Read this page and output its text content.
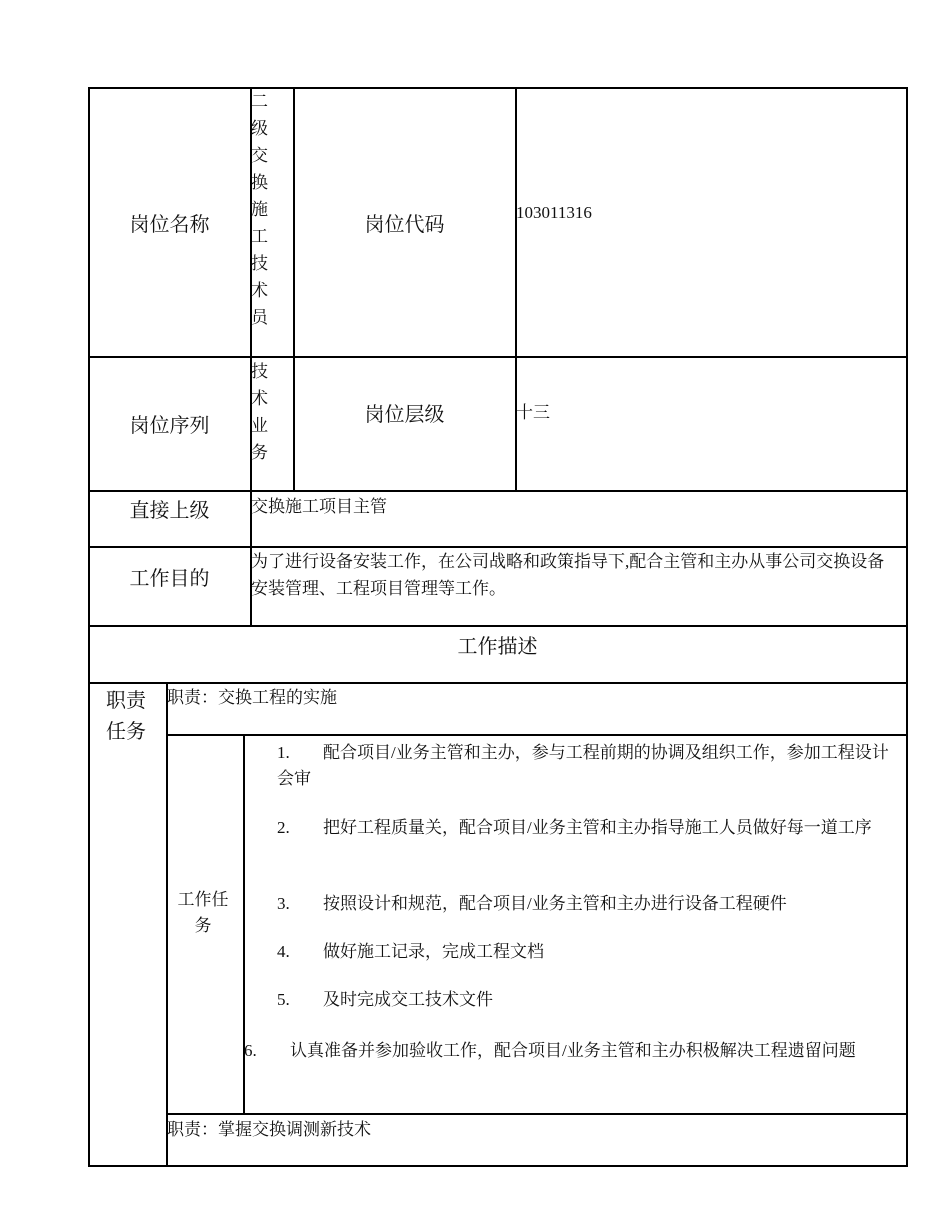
岗位名称
二级交换施工技术员
岗位代码
103011316
岗位序列
技术业务
岗位层级	十三
直接上级	交换施工项目主管
工作目的
为了进行设备安装工作，在公司战略和政策指导下,配合主管和主办从事公司交换设备安装管理、工程项目管理等工作。
工作描述
职责任务
职责：交换工程的实施
工作任务
1. 配合项目/业务主管和主办，参与工程前期的协调及组织工作，参加工程设计会审
2. 把好工程质量关，配合项目/业务主管和主办指导施工人员做好每一道工序
3. 按照设计和规范，配合项目/业务主管和主办进行设备工程硬件
4. 做好施工记录，完成工程文档
5. 及时完成交工技术文件
6. 认真准备并参加验收工作，配合项目/业务主管和主办积极解决工程遗留问题
职责：掌握交换调测新技术
